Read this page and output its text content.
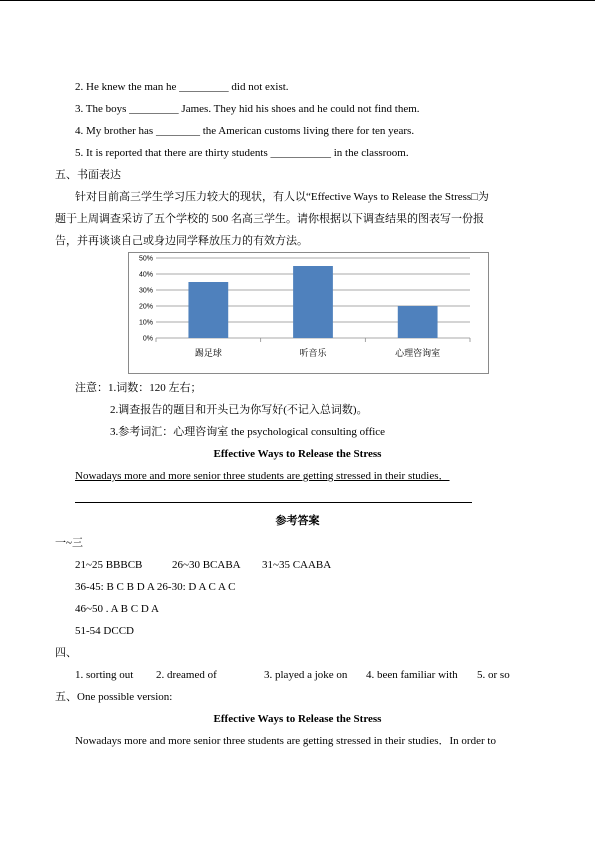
2. He knew the man he _________ did not exist.
3. The boys _________ James. They hid his shoes and he could not find them.
4. My brother has ________ the American customs living there for ten years.
5. It is reported that there are thirty students ___________ in the classroom.
五、书面表达
针对目前高三学生学习压力较大的现状，有人以“Effective Ways to Release the Stress□为
题于上周调查采访了五个学校的 500 名高三学生。请你根据以下调查结果的图表写一份报
告，并再谈谈自己或身边同学释放压力的有效方法。
0%
10%
20%
30%
40%
50%
踢足球	听音乐	心理咨询室
注意：1.词数：120 左右；
2.调查报告的题目和开头已为你写好(不记入总词数)。
3.参考词汇：心理咨询室 the psychological consulting office
Effective Ways to Release the Stress
Nowadays more and more senior three students are getting stressed in their studies．
参考答案
一~三
21~25 BBBCB	26~30 BCABA 31~35 CAABA
36-45: B C B D A 26-30: D A C A C
46~50 . A B C D A
51-54 DCCD
四、
1. sorting out 2. dreamed of	3. played a joke on 4. been familiar with 5. or so
五、One possible version:
Effective Ways to Release the Stress
Nowadays more and more senior three students are getting stressed in their studies．In order to
